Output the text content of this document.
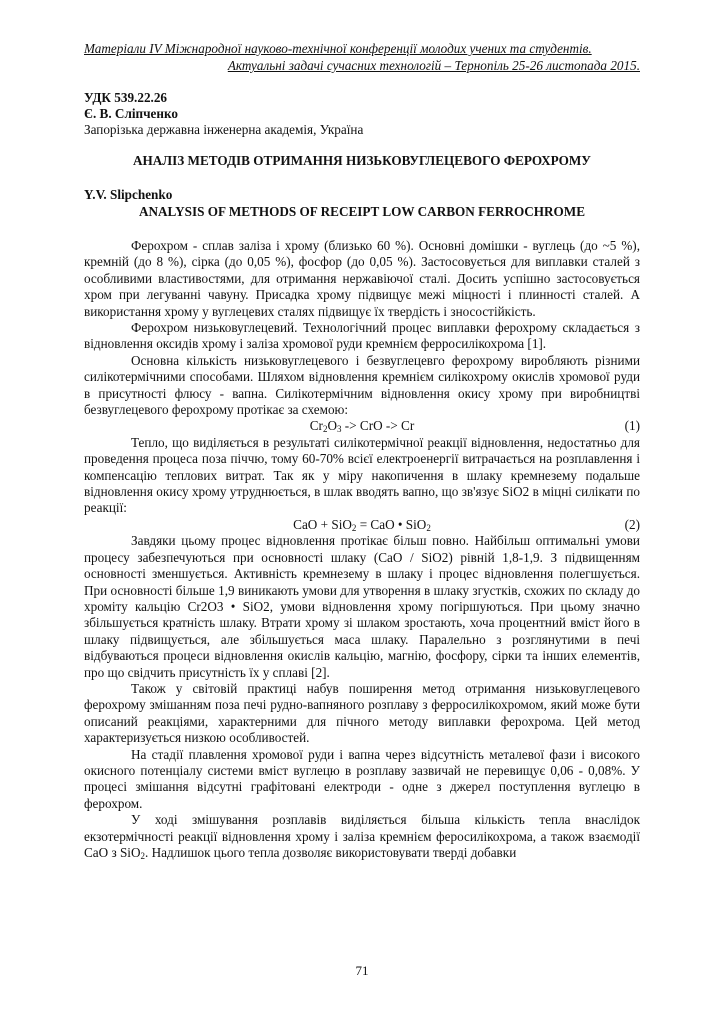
Матеріали IV Міжнародної науково-технічної конференції молодих учених та студентів.
Актуальні задачі сучасних технологій – Тернопіль 25-26 листопада 2015.
УДК 539.22.26
Є. В. Сліпченко
Запорізька державна інженерна академія, Україна
АНАЛІЗ МЕТОДІВ ОТРИМАННЯ НИЗЬКОВУГЛЕЦЕВОГО ФЕРОХРОМУ
Y.V. Slipchenko
ANALYSIS OF METHODS OF RECEIPT LOW CARBON FERROCHROME

Ферохром - сплав заліза і хрому (близько 60 %). Основні домішки - вуглець (до ~5 %), кремній (до 8 %), сірка (до 0,05 %), фосфор (до 0,05 %). Застосовується для виплавки сталей з особливими властивостями, для отримання нержавіючої сталі. Досить успішно застосовується хром при легуванні чавуну. Присадка хрому підвищує межі міцності і плинності сталей. А використання хрому у вуглецевих сталях підвищує їх твердість і зносостійкість.

Ферохром низьковуглецевий. Технологічний процес виплавки ферохрому складається з відновлення оксидів хрому і заліза хромової руди кремнієм ферросилікохрома [1].

Основна кількість низьковуглецевого і безвуглецевго ферохрому виробляють різними силікотермічними способами. Шляхом відновлення кремнієм силікохрому окислів хромової руди в присутності флюсу - вапна. Силікотермічним відновлення окису хрому при виробництві безвуглецевого ферохрому протікає за схемою:

$Cr_2O_3$ -> CrO -> Cr	(1)

Тепло, що виділяється в результаті силікотермічної реакції відновлення, недостатньо для проведення процеса поза піччю, тому 60-70% всієї електроенергії витрачається на розплавлення і компенсацію теплових витрат. Так як у міру накопичення в шлаку кремнезему подальше відновлення окису хрому утруднюється, в шлак вводять вапно, що зв'язує SiO2 в міцні силікати по реакції:

CaO + SiO$_2$ = CaO • SiO$_2$	(2)

Завдяки цьому процес відновлення протікає більш повно. Найбільш оптимальні умови процесу забезпечуються при основності шлаку (CaO / SiO2) рівній 1,8-1,9. З підвищенням основності зменшується. Активність кремнезему в шлаку і процес відновлення полегшується. При основності більше 1,9 виникають умови для утворення в шлаку згустків, схожих по складу до хроміту кальцію Cr2O3 • SiO2, умови відновлення хрому погіршуються. При цьому значно збільшується кратність шлаку. Втрати хрому зі шлаком зростають, хоча процентний вміст його в шлаку підвищується, але збільшується маса шлаку. Паралельно з розглянутими в печі відбуваються процеси відновлення окислів кальцію, магнію, фосфору, сірки та інших елементів, про що свідчить присутність їх у сплаві [2].

Також у світовій практиці набув поширення метод отримання низьковуглецевого ферохрому змішанням поза печі рудно-вапняного розплаву з ферросилікохромом, який може бути описаний реакціями, характерними для пічного методу виплавки ферохрома. Цей метод характеризується низкою особливостей.

На стадії плавлення хромової руди і вапна через відсутність металевої фази і високого окисного потенціалу системи вміст вуглецю в розплаву зазвичай не перевищує 0,06 - 0,08%. У процесі змішання відсутні графітовані електроди - одне з джерел поступлення вуглецю в ферохром.

У ході змішування розплавів виділяється більша кількість тепла внаслідок екзотермічності реакції відновлення хрому і заліза кремнієм феросилікохрома, а також взаємодії CaO з SiO$_2$. Надлишок цього тепла дозволяє використовувати тверді добавки

71
